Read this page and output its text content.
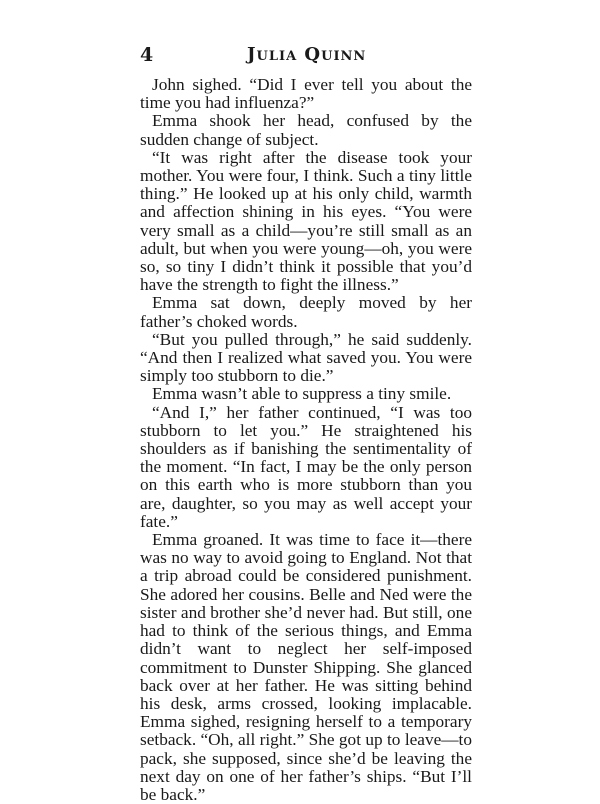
4	Julia Quinn

John sighed. “Did I ever tell you about the time you had influenza?”

Emma shook her head, confused by the sudden change of subject.

“It was right after the disease took your mother. You were four, I think. Such a tiny little thing.” He looked up at his only child, warmth and affection shining in his eyes. “You were very small as a child—you’re still small as an adult, but when you were young—oh, you were so, so tiny I didn’t think it possible that you’d have the strength to fight the illness.”

Emma sat down, deeply moved by her father’s choked words.

“But you pulled through,” he said suddenly. “And then I realized what saved you. You were simply too stubborn to die.”

Emma wasn’t able to suppress a tiny smile.

“And I,” her father continued, “I was too stubborn to let you.” He straightened his shoulders as if banishing the sentimentality of the moment. “In fact, I may be the only person on this earth who is more stubborn than you are, daughter, so you may as well accept your fate.”

Emma groaned. It was time to face it—there was no way to avoid going to England. Not that a trip abroad could be considered punishment. She adored her cousins. Belle and Ned were the sister and brother she’d never had. But still, one had to think of the serious things, and Emma didn’t want to neglect her self-imposed commitment to Dunster Shipping. She glanced back over at her father. He was sitting behind his desk, arms crossed, looking implacable. Emma sighed, resigning herself to a temporary setback. “Oh, all right.” She got up to leave—to pack, she supposed, since she’d be leaving the next day on one of her father’s ships. “But I’ll be back.”
